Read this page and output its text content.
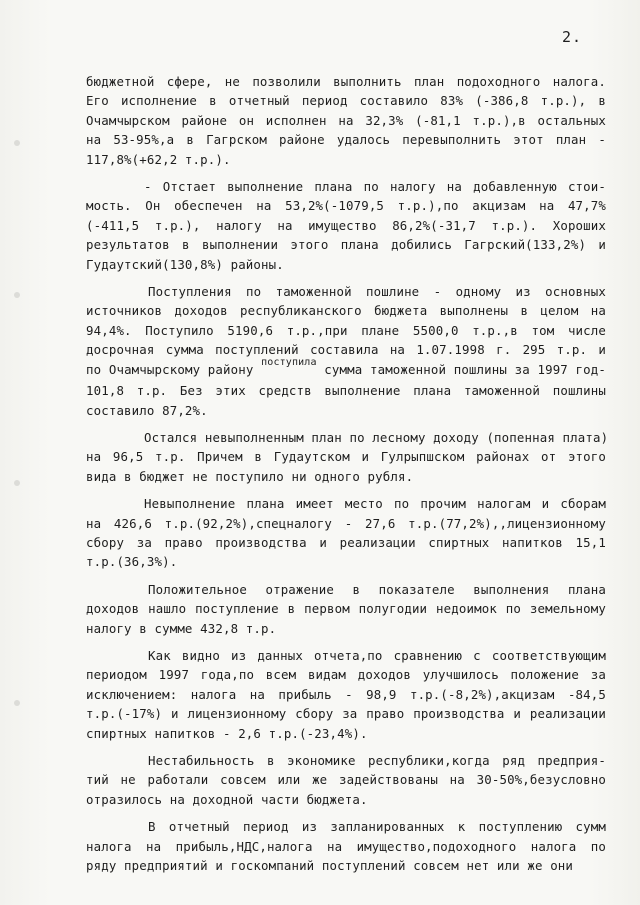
2.

бюджетной сфере, не позволили выполнить план подоходного налога.
Его исполнение в отчетный период составило 83% (-386,8 т.р.), в
Очамчырском районе он исполнен на 32,3% (-81,1 т.р.),в остальных
на 53-95%,а в Гагрском районе удалось перевыполнить этот план -
117,8%(+62,2 т.р.).

- Отстает выполнение плана по налогу на добавленную стои-
мость. Он обеспечен на 53,2%(-1079,5 т.р.),по акцизам на 47,7%
(-411,5 т.р.), налогу на имущество 86,2%(-31,7 т.р.). Хороших
результатов в выполнении этого плана добились Гагрский(133,2%) и
Гудаутский(130,8%) районы.

Поступления по таможенной пошлине - одному из основных
источников доходов республиканского бюджета выполнены в целом на
94,4%. Поступило 5190,6 т.р.,при плане 5500,0 т.р.,в том числе
досрочная сумма поступлений составила на 1.07.1998 г. 295 т.р. и
по Очамчырскому району $^{поступила}$ сумма таможенной пошлины за 1997 год-
101,8 т.р. Без этих средств выполнение плана таможенной пошлины
составило 87,2%.

Остался невыполненным план по лесному доходу (попенная плата)
на 96,5 т.р. Причем в Гудаутском и Гулрыпшском районах от этого
вида в бюджет не поступило ни одного рубля.

Невыполнение плана имеет место по прочим налогам и сборам
на 426,6 т.р.(92,2%),спецналогу - 27,6 т.р.(77,2%),,лицензионному
сбору за право производства и реализации спиртных напитков 15,1
т.р.(36,3%).

Положительное отражение в показателе выполнения плана
доходов нашло поступление в первом полугодии недоимок по земельному
налогу в сумме 432,8 т.р.

Как видно из данных отчета,по сравнению с соответствующим
периодом 1997 года,по всем видам доходов улучшилось положение за
исключением: налога на прибыль - 98,9 т.р.(-8,2%),акцизам -84,5
т.р.(-17%) и лицензионному сбору за право производства и реализации
спиртных напитков - 2,6 т.р.(-23,4%).

Нестабильность в экономике республики,когда ряд предприя-
тий не работали совсем или же задействованы на 30-50%,безусловно
отразилось на доходной части бюджета.

В отчетный период из запланированных к поступлению сумм
налога на прибыль,НДС,налога на имущество,подоходного налога по
ряду предприятий и госкомпаний поступлений совсем нет или же они
